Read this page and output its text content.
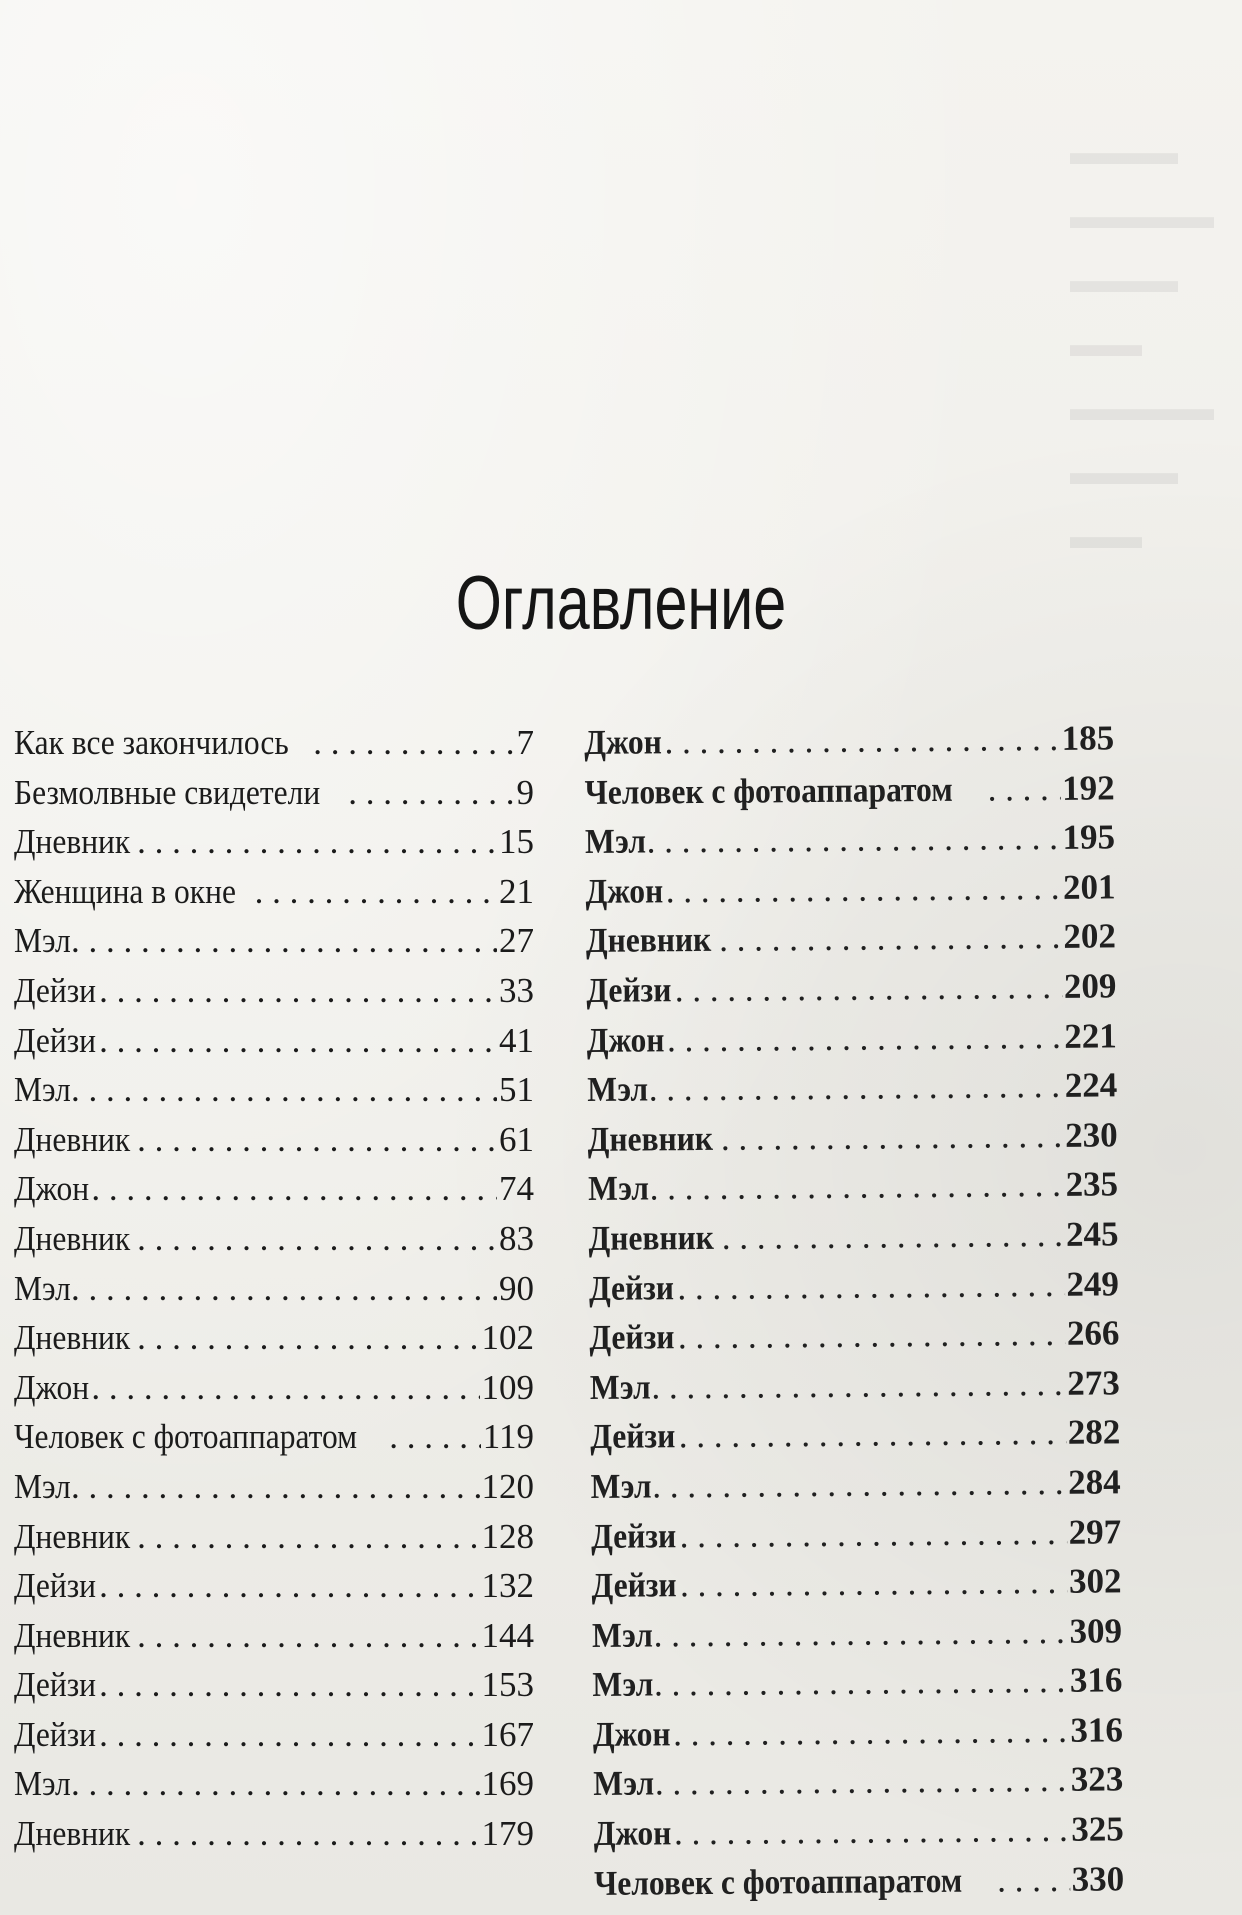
▬▬▬
▬▬▬▬
▬▬▬
▬▬
▬▬▬▬
▬▬▬
▬▬
Оглавление
Как все закончилось . . .	7
Безмолвные свидетели . . .	9
Дневник . . .	15
Женщина в окне . . .	21
Мэл . . .	27
Дейзи . . .	33
Дейзи . . .	41
Мэл . . .	51
Дневник . . .	61
Джон . . .	74
Дневник . . .	83
Мэл . . .	90
Дневник . . .	102
Джон . . .	109
Человек с фотоаппаратом . . .	119
Мэл . . .	120
Дневник . . .	128
Дейзи . . .	132
Дневник . . .	144
Дейзи . . .	153
Дейзи . . .	167
Мэл . . .	169
Дневник . . .	179
Джон . . .	185
Человек с фотоаппаратом . . .	192
Мэл . . .	195
Джон . . .	201
Дневник . . .	202
Дейзи . . .	209
Джон . . .	221
Мэл . . .	224
Дневник . . .	230
Мэл . . .	235
Дневник . . .	245
Дейзи . . .	249
Дейзи . . .	266
Мэл . . .	273
Дейзи . . .	282
Мэл . . .	284
Дейзи . . .	297
Дейзи . . .	302
Мэл . . .	309
Мэл . . .	316
Джон . . .	316
Мэл . . .	323
Джон . . .	325
Человек с фотоаппаратом . . .	330
